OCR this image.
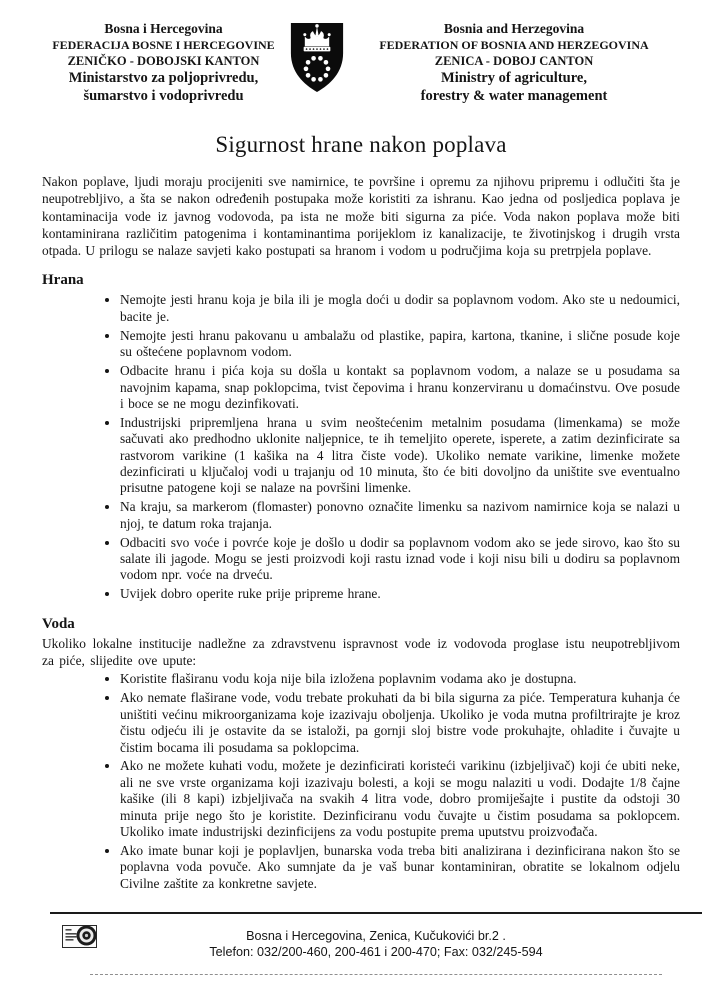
Bosna i Hercegovina
FEDERACIJA BOSNE I HERCEGOVINE
ZENIČKO - DOBOJSKI KANTON
Ministarstvo za poljoprivredu,
šumarstvo i vodoprivredu
Bosnia and Herzegovina
FEDERATION OF BOSNIA AND HERZEGOVINA
ZENICA - DOBOJ CANTON
Ministry of agriculture,
forestry & water management
Sigurnost hrane nakon poplava

Nakon poplave, ljudi moraju procijeniti sve namirnice, te površine i opremu za njihovu pripremu i odlučiti šta je neupotrebljivo, a šta se nakon određenih postupaka može koristiti za ishranu. Kao jedna od posljedica poplava je kontaminacija vode iz javnog vodovoda, pa ista ne može biti sigurna za piće. Voda nakon poplava može biti kontaminirana različitim patogenima i kontaminantima porijeklom iz kanalizacije, te životinjskog i drugih vrsta otpada. U prilogu se nalaze savjeti kako postupati sa hranom i vodom u područjima koja su pretrpjela poplave.

Hrana
• Nemojte jesti hranu koja je bila ili je mogla doći u dodir sa poplavnom vodom. Ako ste u nedoumici, bacite je.
• Nemojte jesti hranu pakovanu u ambalažu od plastike, papira, kartona, tkanine, i slične posude koje su oštećene poplavnom vodom.
• Odbacite hranu i pića koja su došla u kontakt sa poplavnom vodom, a nalaze se u posudama sa navojnim kapama, snap poklopcima, tvist čepovima i hranu konzerviranu u domaćinstvu. Ove posude i boce se ne mogu dezinfikovati.
• Industrijski pripremljena hrana u svim neoštećenim metalnim posudama (limenkama) se može sačuvati ako predhodno uklonite naljepnice, te ih temeljito operete, isperete, a zatim dezinficirate sa rastvorom varikine (1 kašika na 4 litra čiste vode). Ukoliko nemate varikine, limenke možete dezinficirati u ključaloj vodi u trajanju od 10 minuta, što će biti dovoljno da uništite sve eventualno prisutne patogene koji se nalaze na površini limenke.
• Na kraju, sa markerom (flomaster) ponovno označite limenku sa nazivom namirnice koja se nalazi u njoj, te datum roka trajanja.
• Odbaciti svo voće i povrće koje je došlo u dodir sa poplavnom vodom ako se jede sirovo, kao što su salate ili jagode. Mogu se jesti proizvodi koji rastu iznad vode i koji nisu bili u dodiru sa poplavnom vodom npr. voće na drveću.
• Uvijek dobro operite ruke prije pripreme hrane.
Voda

Ukoliko lokalne institucije nadležne za zdravstvenu ispravnost vode iz vodovoda proglase istu neupotrebljivom za piće, slijedite ove upute:

• Koristite flaširanu vodu koja nije bila izložena poplavnim vodama ako je dostupna.
• Ako nemate flaširane vode, vodu trebate prokuhati da bi bila sigurna za piće. Temperatura kuhanja će uništiti većinu mikroorganizama koje izazivaju oboljenja. Ukoliko je voda mutna profiltrirajte je kroz čistu odjeću ili je ostavite da se istaloži, pa gornji sloj bistre vode prokuhajte, ohladite i čuvajte u čistim bocama ili posudama sa poklopcima.
• Ako ne možete kuhati vodu, možete je dezinficirati koristeći varikinu (izbjeljivač) koji će ubiti neke, ali ne sve vrste organizama koji izazivaju bolesti, a koji se mogu nalaziti u vodi. Dodajte 1/8 čajne kašike (ili 8 kapi) izbjeljivača na svakih 4 litra vode, dobro promiješajte i pustite da odstoji 30 minuta prije nego što je koristite. Dezinficiranu vodu čuvajte u čistim posudama sa poklopcem. Ukoliko imate industrijski dezinficijens za vodu postupite prema uputstvu proizvođača.
• Ako imate bunar koji je poplavljen, bunarska voda treba biti analizirana i dezinficirana nakon što se poplavna voda povuče. Ako sumnjate da je vaš bunar kontaminiran, obratite se lokalnom odjelu Civilne zaštite za konkretne savjete.
Bosna i Hercegovina, Zenica, Kučukovići br.2 .
Telefon: 032/200-460, 200-461 i 200-470; Fax: 032/245-594
